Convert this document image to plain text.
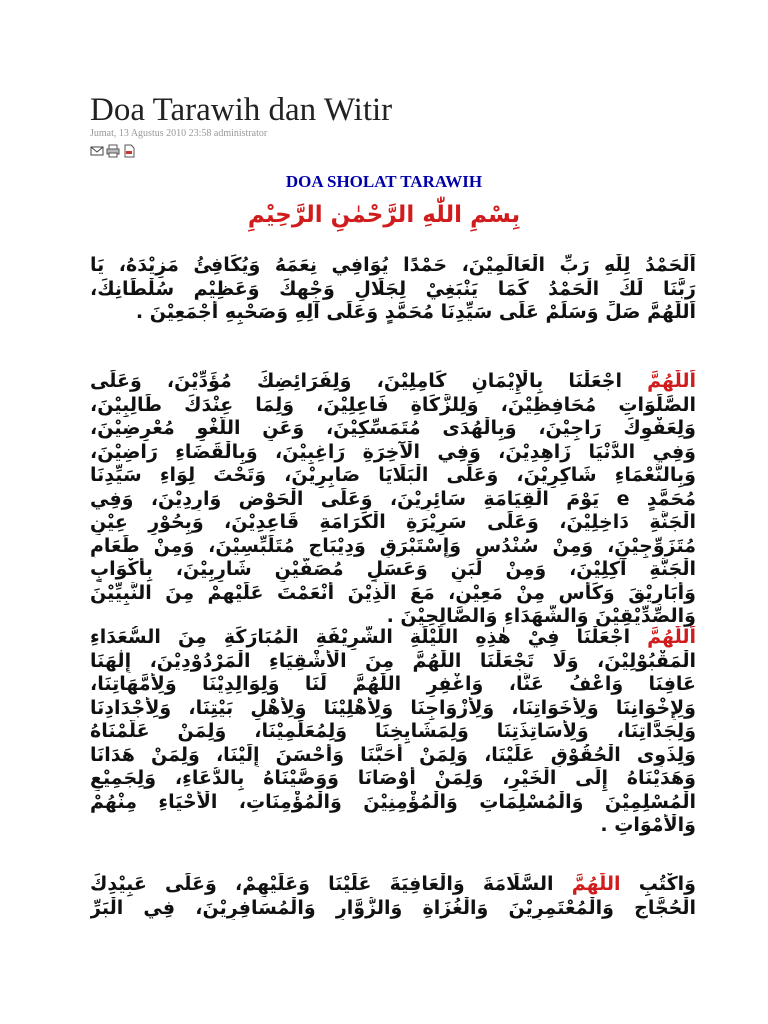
Doa Tarawih dan Witir
Jumat, 13 Agustus 2010 23:58 administrator
DOA SHOLAT TARAWIH
بِسْمِ اللّٰهِ الرَّحْمٰنِ الرَّحِيْمِ
اَلْحَمْدُ لِلّٰهِ رَبِّ الْعَالَمِيْنَ، حَمْدًا يُوَافِي نِعَمَهُ وَيُكَافِئُ مَزِيْدَهُ، يَا
رَبَّنَا لَكَ الْحَمْدُ كَمَا يَنْبَغِيْ لِجَلَالِ وَجْهِكَ وَعَظِيْمِ سُلْطَانِكَ،
اَللّٰهُمَّ صَلِّ وَسَلِّمْ عَلَى سَيِّدِنَا مُحَمَّدٍ وَعَلَى آلِهِ وَصَحْبِهِ أَجْمَعِيْنَ .
اَللّٰهُمَّ اجْعَلْنَا بِالْإِيْمَانِ كَامِلِيْنَ، وَلِفَرَائِضِكَ مُؤَدِّيْنَ، وَعَلَى
الصَّلَوَاتِ مُحَافِظِيْنَ، وَلِلزَّكَاةِ فَاعِلِيْنَ، وَلِمَا عِنْدَكَ طَالِبِيْنَ،
وَلِعَفْوِكَ رَاجِيْنَ، وَبِالْهُدَى مُتَمَسِّكِيْنَ، وَعَنِ اللَّغْوِ مُعْرِضِيْنَ،
وَفِي الدُّنْيَا زَاهِدِيْنَ، وَفِي الْآخِرَةِ رَاغِبِيْنَ، وَبِالْقَضَاءِ رَاضِيْنَ،
وَبِالنَّعْمَاءِ شَاكِرِيْنَ، وَعَلَى الْبَلَايَا صَابِرِيْنَ، وَتَحْتَ لِوَاءِ سَيِّدِنَا
مُحَمَّدٍ e يَوْمَ الْقِيَامَةِ سَائِرِيْنَ، وَعَلَى الْحَوْضِ وَارِدِيْنَ، وَفِي
الْجَنَّةِ دَاخِلِيْنَ، وَعَلَى سَرِيْرَةِ الْكَرَامَةِ قَاعِدِيْنَ، وَبِحُوْرٍ عِيْنٍ
مُتَزَوِّجِيْنَ، وَمِنْ سُنْدُسٍ وَإِسْتَبْرَقٍ وَدِيْبَاجٍ مُتَلَبِّسِيْنَ، وَمِنْ طَعَامِ
الْجَنَّةِ آكِلِيْنَ، وَمِنْ لَبَنٍ وَعَسَلٍ مُصَفَّيْنِ شَارِبِيْنَ، بِأَكْوَابٍ
وَأَبَارِيْقَ وَكَأْسٍ مِنْ مَعِيْنٍ، مَعَ الَّذِيْنَ أَنْعَمْتَ عَلَيْهِمْ مِنَ النَّبِيِّيْنَ
وَالصِّدِّيْقِيْنَ وَالشُّهَدَاءِ وَالصَّالِحِيْنَ .
اَللّٰهُمَّ اجْعَلْنَا فِيْ هٰذِهِ اللَّيْلَةِ الشَّرِيْفَةِ الْمُبَارَكَةِ مِنَ السُّعَدَاءِ
الْمَقْبُوْلِيْنَ، وَلَا تَجْعَلْنَا اللّٰهُمَّ مِنَ الْأَشْقِيَاءِ الْمَرْدُوْدِيْنَ، إِلٰهَنَا
عَافِنَا وَاعْفُ عَنَّا، وَاغْفِرِ اللّٰهُمَّ لَنَا وَلِوَالِدِيْنَا وَلِأُمَّهَاتِنَا،
وَلِإِخْوَانِنَا وَلِأَخَوَاتِنَا، وَلِأَزْوَاجِنَا وَلِأَهْلِيْنَا وَلِأَهْلِ بَيْتِنَا، وَلِأَجْدَادِنَا
وَلِجَدَّاتِنَا، وَلِأَسَاتِذَتِنَا وَلِمَشَايِخِنَا وَلِمُعَلِّمِيْنَا، وَلِمَنْ عَلَّمْنَاهُ
وَلِذَوِى الْحُقُوْقِ عَلَيْنَا، وَلِمَنْ أَحَبَّنَا وَأَحْسَنَ إِلَيْنَا، وَلِمَنْ هَدَانَا
وَهَدَيْنَاهُ إِلَى الْخَيْرِ، وَلِمَنْ أَوْصَانَا وَوَصَّيْنَاهُ بِالدُّعَاءِ، وَلِجَمِيْعِ
الْمُسْلِمِيْنَ وَالْمُسْلِمَاتِ وَالْمُؤْمِنِيْنَ وَالْمُؤْمِنَاتِ، الْأَحْيَاءِ مِنْهُمْ
وَالْأَمْوَاتِ .
وَاكْتُبِ اللّٰهُمَّ السَّلَامَةَ وَالْعَافِيَةَ عَلَيْنَا وَعَلَيْهِمْ، وَعَلَى عَبِيْدِكَ
الْحُجَّاجِ وَالْمُعْتَمِرِيْنَ وَالْغُزَاةِ وَالزُّوَّارِ وَالْمُسَافِرِيْنَ، فِي الْبَرِّ
